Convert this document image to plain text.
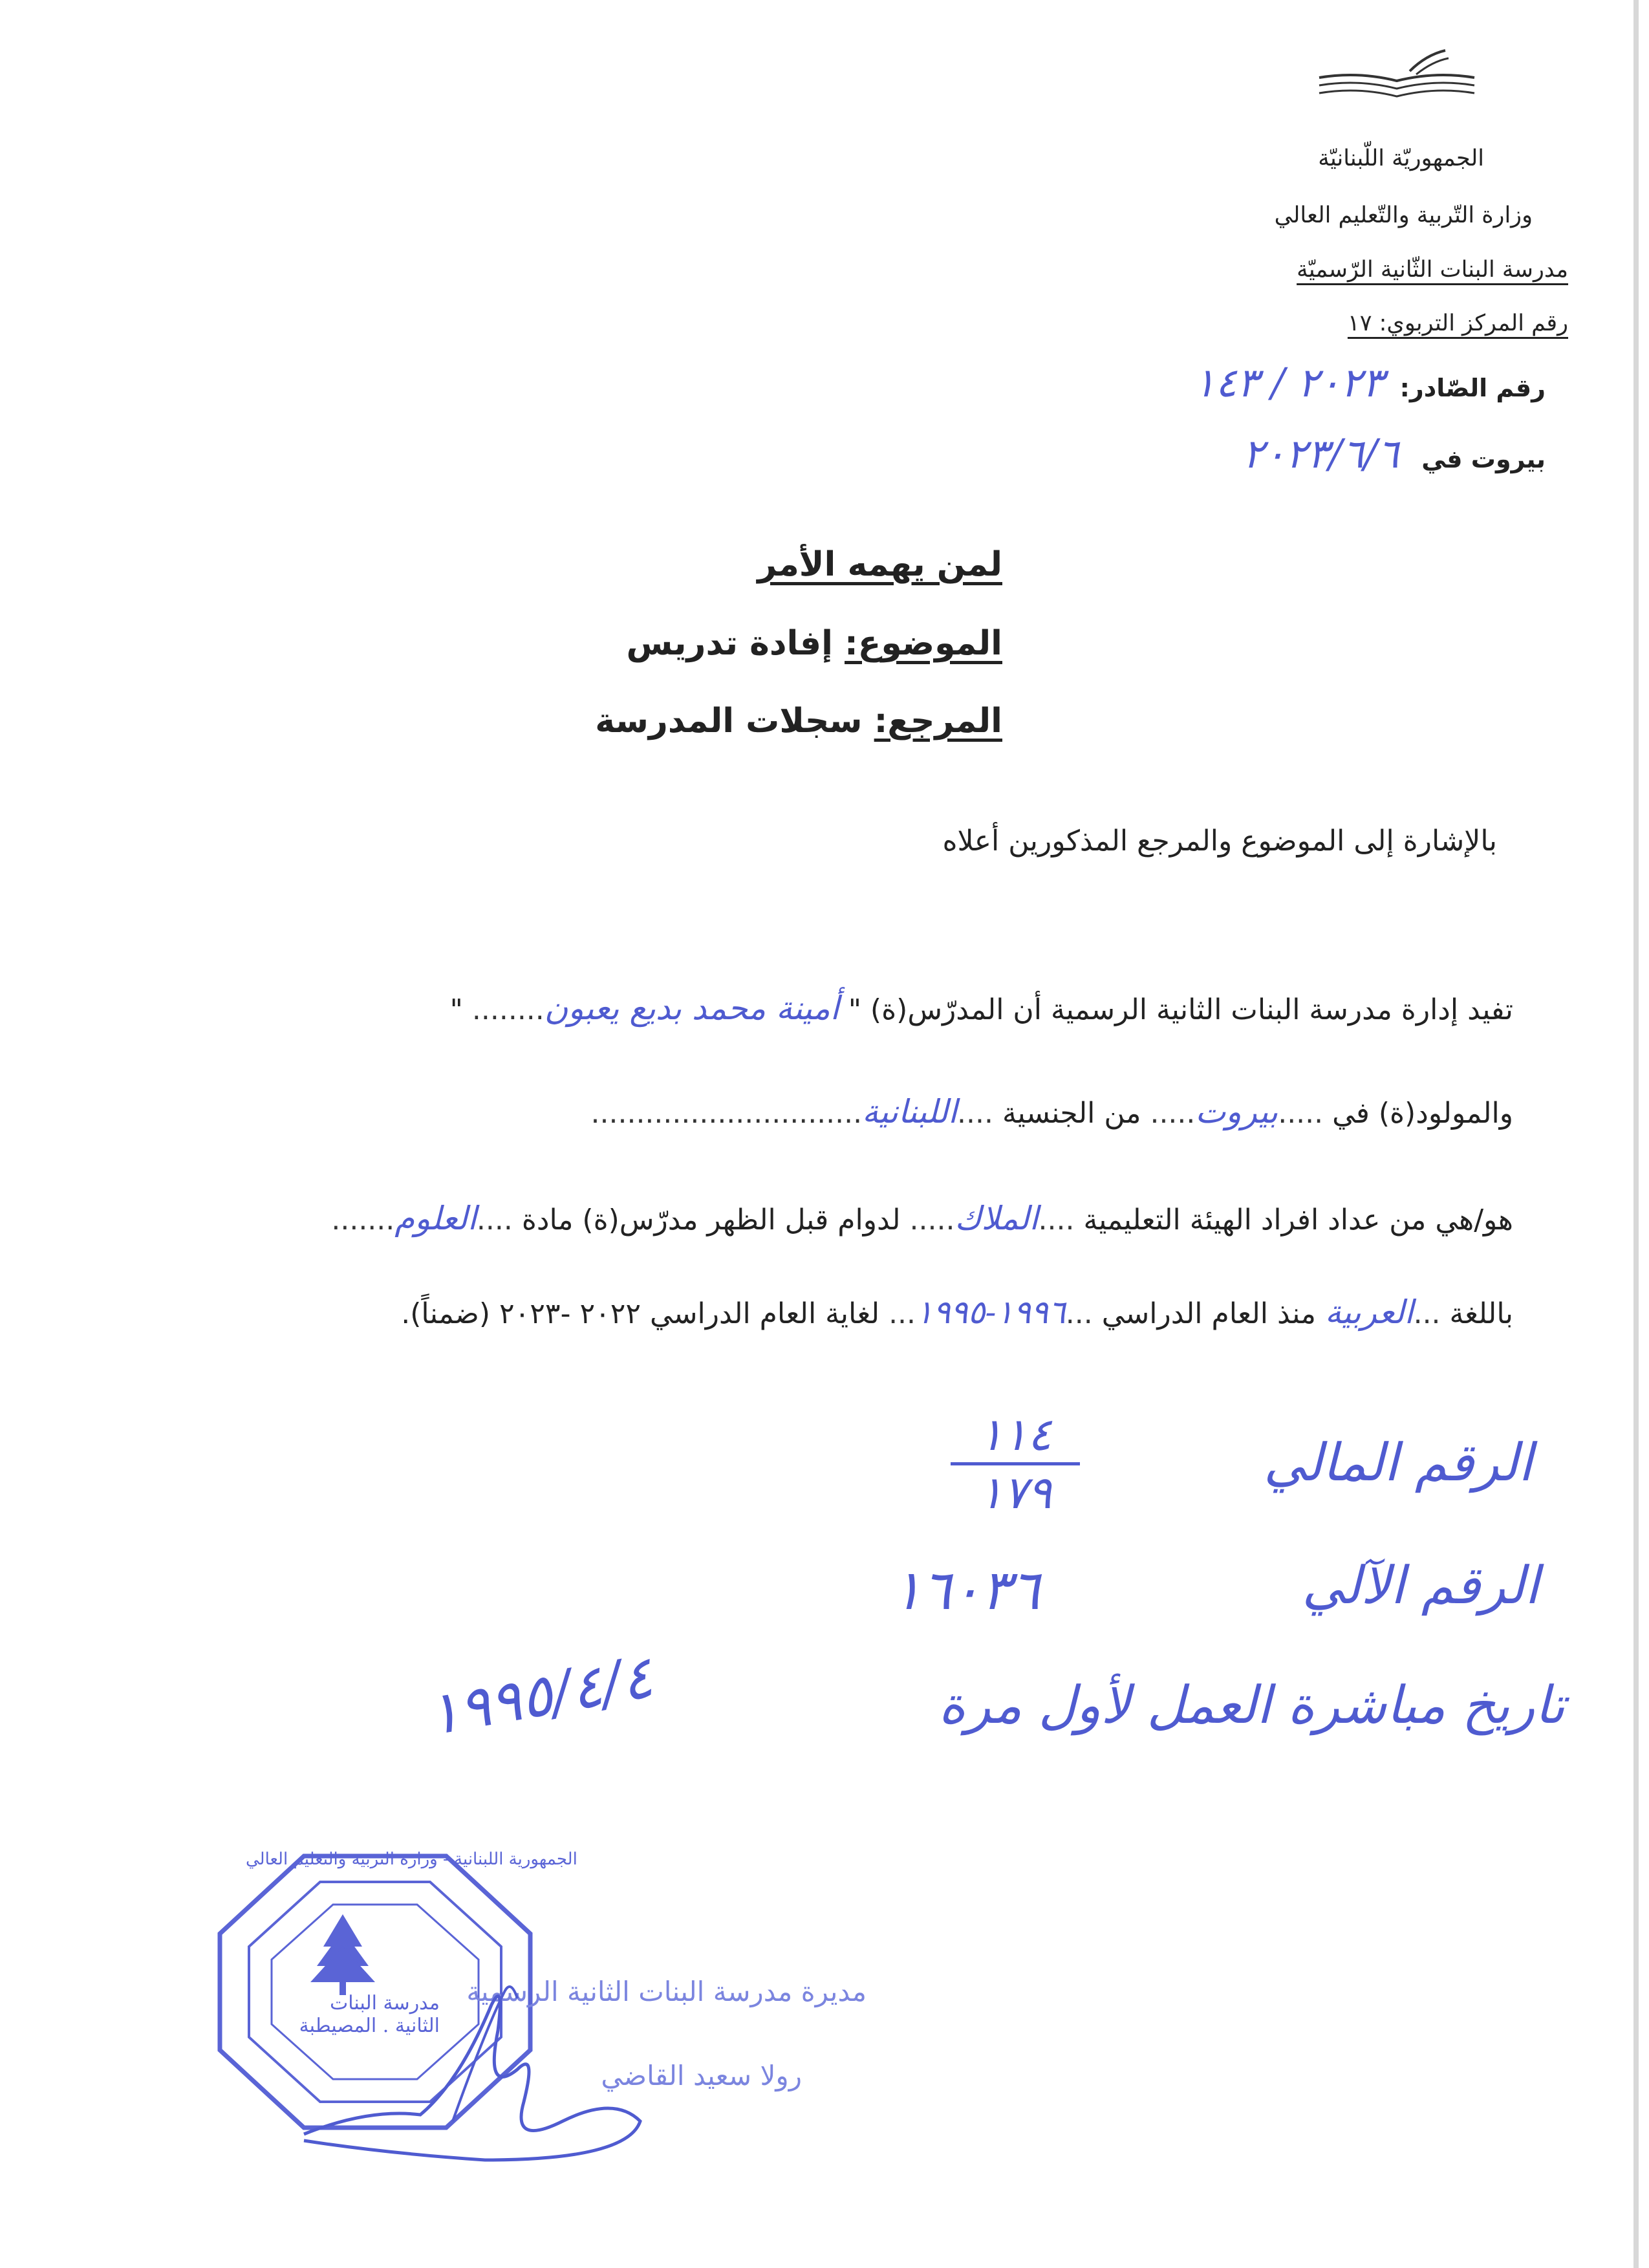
الجمهوريّة اللّبنانيّة
وزارة التّربية والتّعليم العالي
مدرسة البنات الثّانية الرّسميّة
رقم المركز التربوي: ١٧
رقم الصّادر: ٢٠٢٣ / ١٤٣
بيروت في ٢٠٢٣/٦/٦
لمن يهمه الأمر
الموضوع: إفادة تدريس
المرجع: سجلات المدرسة
بالإشارة إلى الموضوع والمرجع المذكورين أعلاه
تفيد إدارة مدرسة البنات الثانية الرسمية أن المدرّس(ة) " أمينة محمد بديع يعبون........ "
والمولود(ة) في .....بيروت..... من الجنسية ....اللبنانية..............................
هو/هي من عداد افراد الهيئة التعليمية ....الملاك..... لدوام قبل الظهر مدرّس(ة) مادة ....العلوم.......
باللغة ...العربية منذ العام الدراسي ...١٩٩٦-١٩٩٥... لغاية العام الدراسي ٢٠٢٢ -٢٠٢٣ (ضمناً).
الرقم المالي
١١٤
١٧٩
الرقم الآلي
١٦٠٣٦
تاريخ مباشرة العمل لأول مرة
١٩٩٥/٤/٤
مدرسة البنات
الثانية . المصيطبة
الجمهورية اللبنانية - وزارة التربية والتعليم العالي
مديرة مدرسة البنات الثانية الرسمية
رولا سعيد القاضي
